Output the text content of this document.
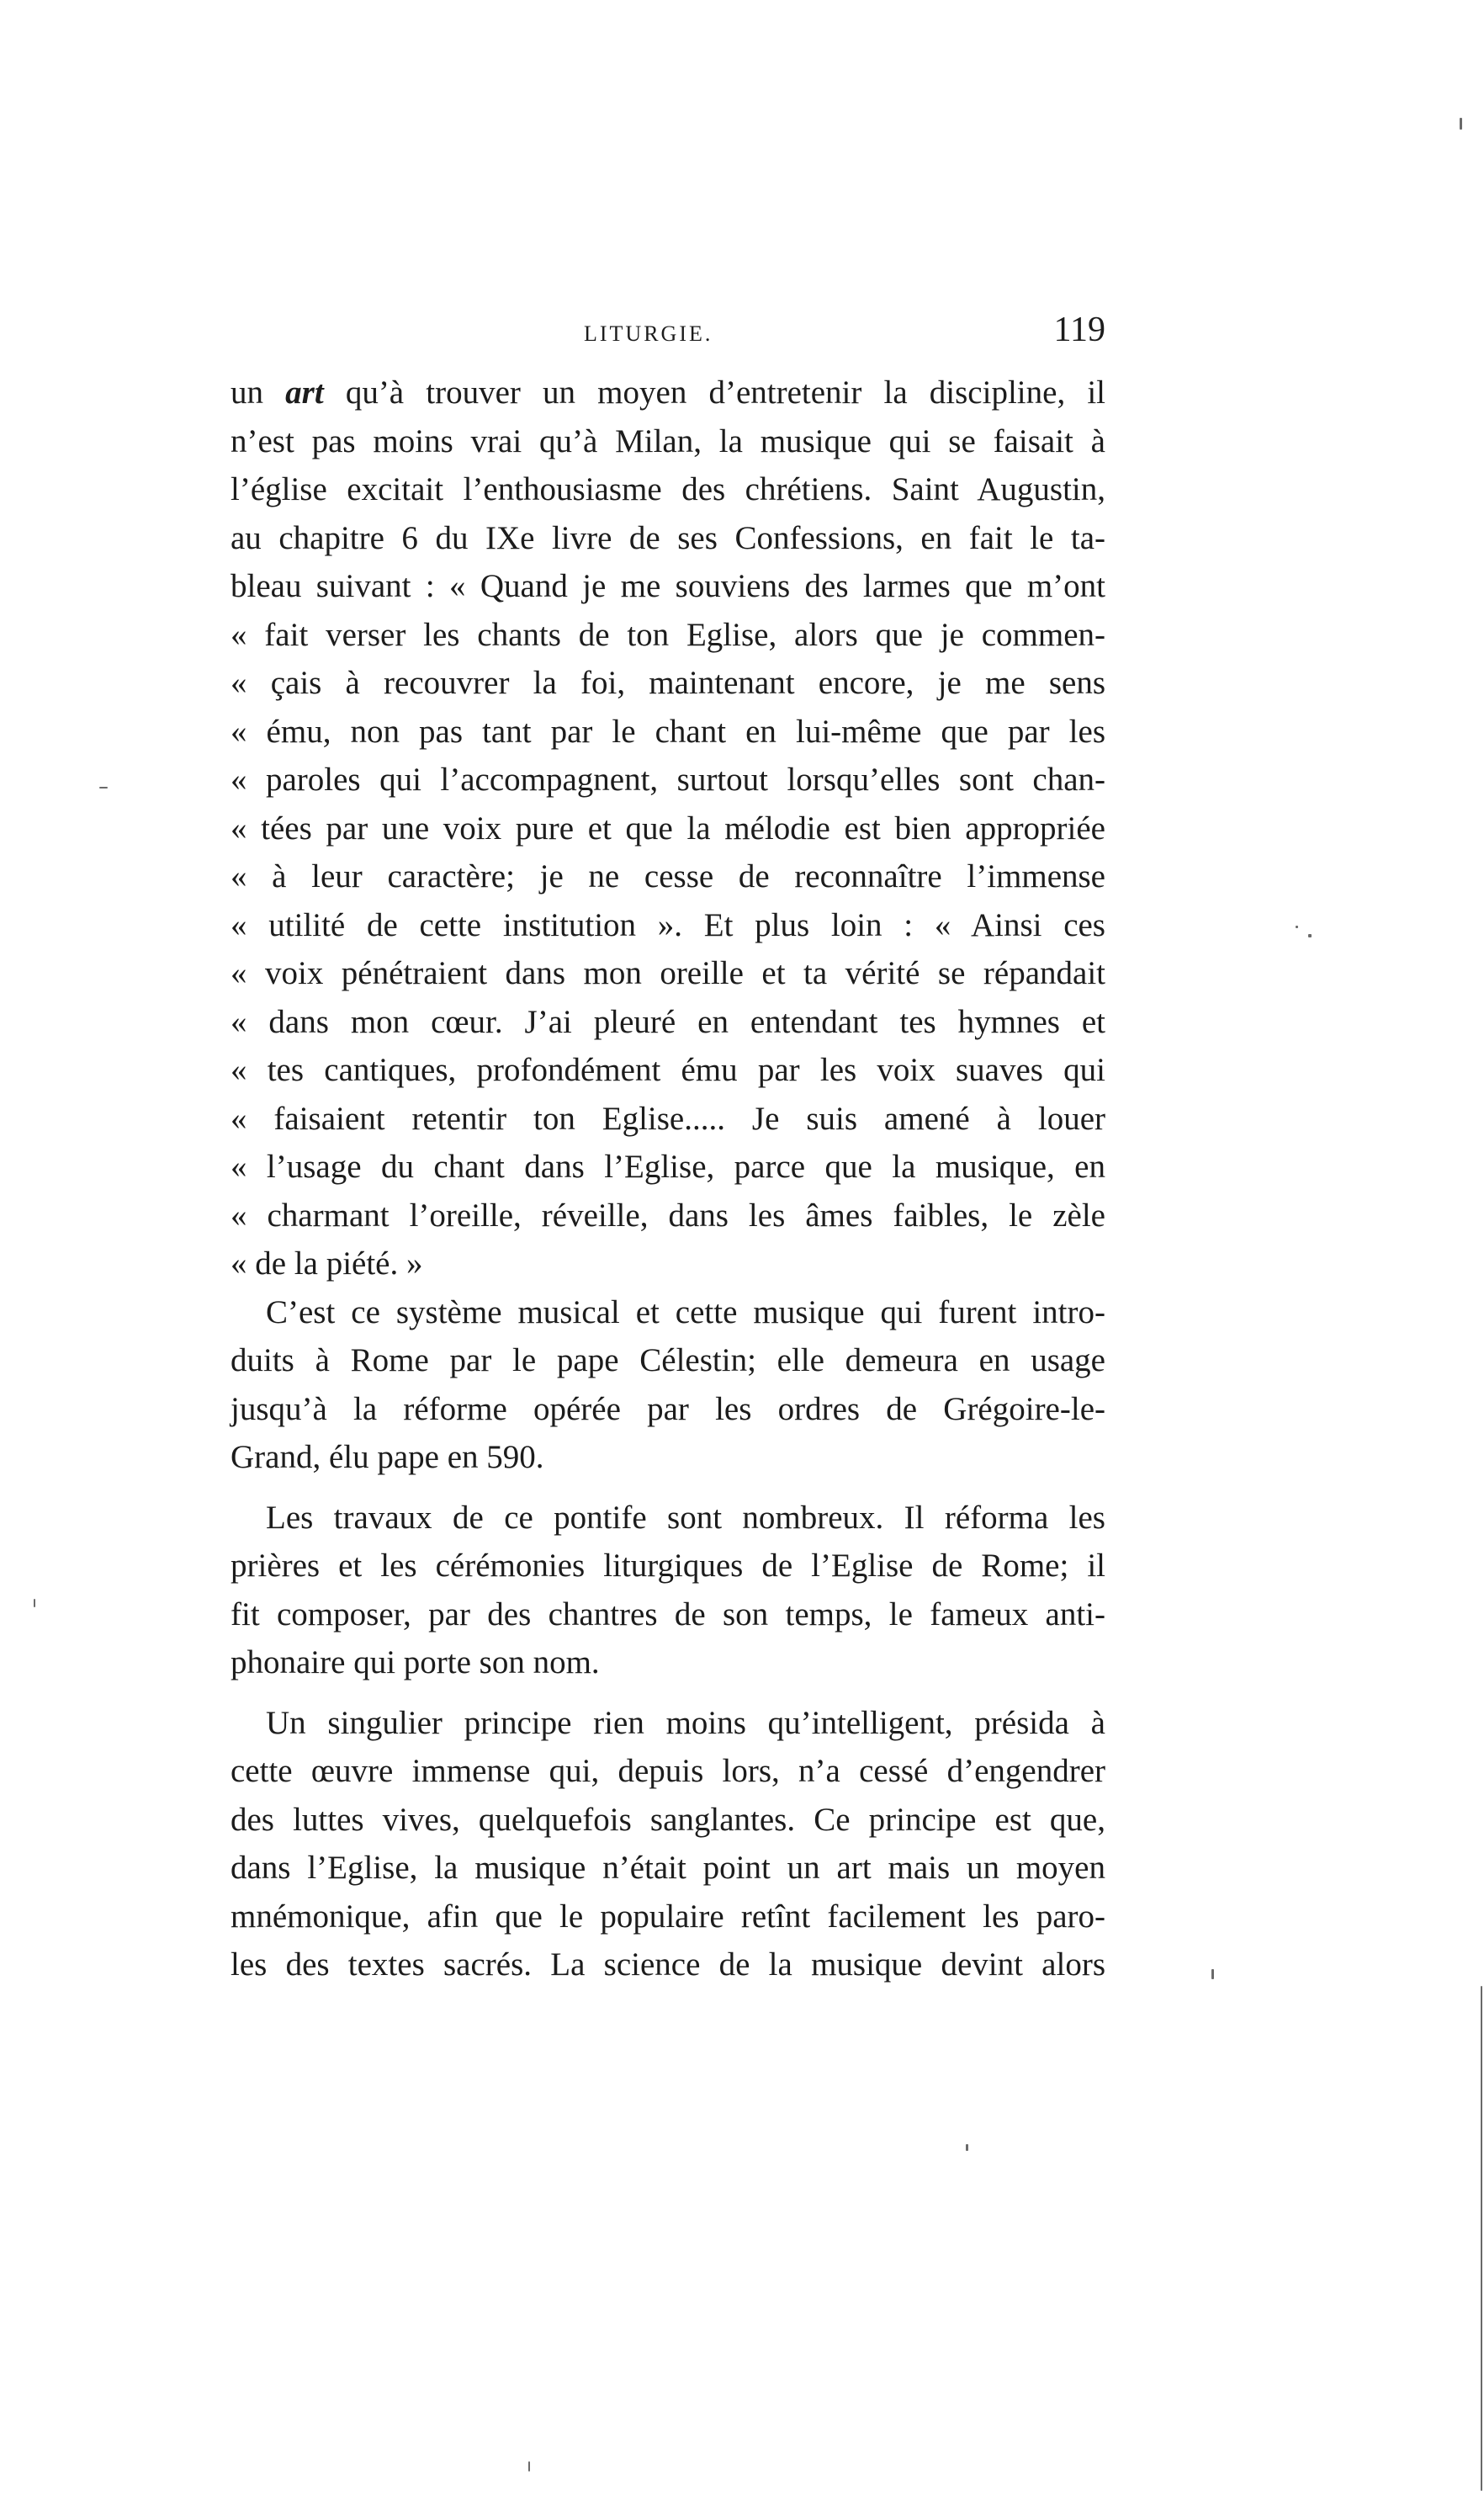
LITURGIE.	119
un art qu’à trouver un moyen d’entretenir la discipline, il
n’est pas moins vrai qu’à Milan, la musique qui se faisait à
l’église excitait l’enthousiasme des chrétiens. Saint Augustin,
au chapitre 6 du IXe livre de ses Confessions, en fait le ta-
bleau suivant : « Quand je me souviens des larmes que m’ont
« fait verser les chants de ton Eglise, alors que je commen-
« çais à recouvrer la foi, maintenant encore, je me sens
« ému, non pas tant par le chant en lui-même que par les
« paroles qui l’accompagnent, surtout lorsqu’elles sont chan-
« tées par une voix pure et que la mélodie est bien appropriée
« à leur caractère; je ne cesse de reconnaître l’immense
« utilité de cette institution ». Et plus loin : « Ainsi ces
« voix pénétraient dans mon oreille et ta vérité se répandait
« dans mon cœur. J’ai pleuré en entendant tes hymnes et
« tes cantiques, profondément ému par les voix suaves qui
« faisaient retentir ton Eglise..... Je suis amené à louer
« l’usage du chant dans l’Eglise, parce que la musique, en
« charmant l’oreille, réveille, dans les âmes faibles, le zèle
« de la piété. »
C’est ce système musical et cette musique qui furent intro-
duits à Rome par le pape Célestin; elle demeura en usage
jusqu’à la réforme opérée par les ordres de Grégoire-le-
Grand, élu pape en 590.
Les travaux de ce pontife sont nombreux. Il réforma les
prières et les cérémonies liturgiques de l’Eglise de Rome; il
fit composer, par des chantres de son temps, le fameux anti-
phonaire qui porte son nom.
Un singulier principe rien moins qu’intelligent, présida à
cette œuvre immense qui, depuis lors, n’a cessé d’engendrer
des luttes vives, quelquefois sanglantes. Ce principe est que,
dans l’Eglise, la musique n’était point un art mais un moyen
mnémonique, afin que le populaire retînt facilement les paro-
les des textes sacrés. La science de la musique devint alors
